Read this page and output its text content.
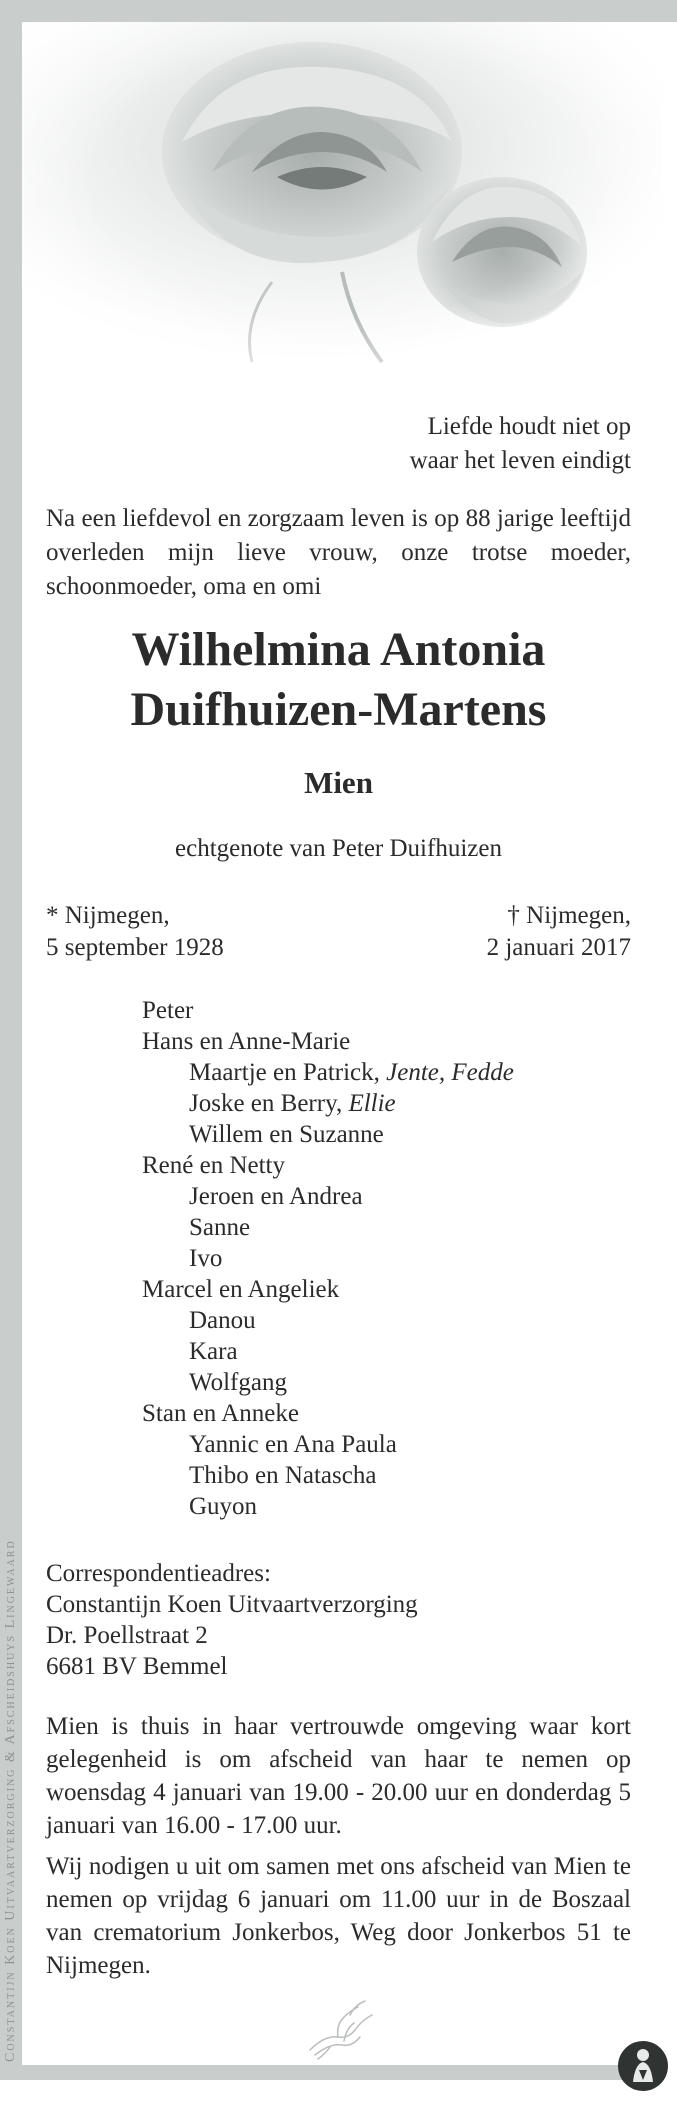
Constantijn Koen Uitvaartverzorging & Afscheidshuys Lingewaard
Liefde houdt niet op
waar het leven eindigt
Na een liefdevol en zorgzaam leven is op 88 jarige leeftijd overleden mijn lieve vrouw, onze trotse moeder, schoonmoeder, oma en omi
Wilhelmina Antonia
Duifhuizen-Martens
Mien
echtgenote van Peter Duifhuizen
* Nijmegen,
5 september 1928
† Nijmegen,
2 januari 2017
Peter
Hans en Anne-Marie
Maartje en Patrick, Jente, Fedde
Joske en Berry, Ellie
Willem en Suzanne
René en Netty
Jeroen en Andrea
Sanne
Ivo
Marcel en Angeliek
Danou
Kara
Wolfgang
Stan en Anneke
Yannic en Ana Paula
Thibo en Natascha
Guyon
Correspondentieadres:
Constantijn Koen Uitvaartverzorging
Dr. Poellstraat 2
6681 BV Bemmel
Mien is thuis in haar vertrouwde omgeving waar kort gelegenheid is om afscheid van haar te nemen op woensdag 4 januari van 19.00 - 20.00 uur en donderdag 5 januari van 16.00 - 17.00 uur.
Wij nodigen u uit om samen met ons afscheid van Mien te nemen op vrijdag 6 januari om 11.00 uur in de Boszaal van crematorium Jonkerbos, Weg door Jonkerbos 51 te Nijmegen.
